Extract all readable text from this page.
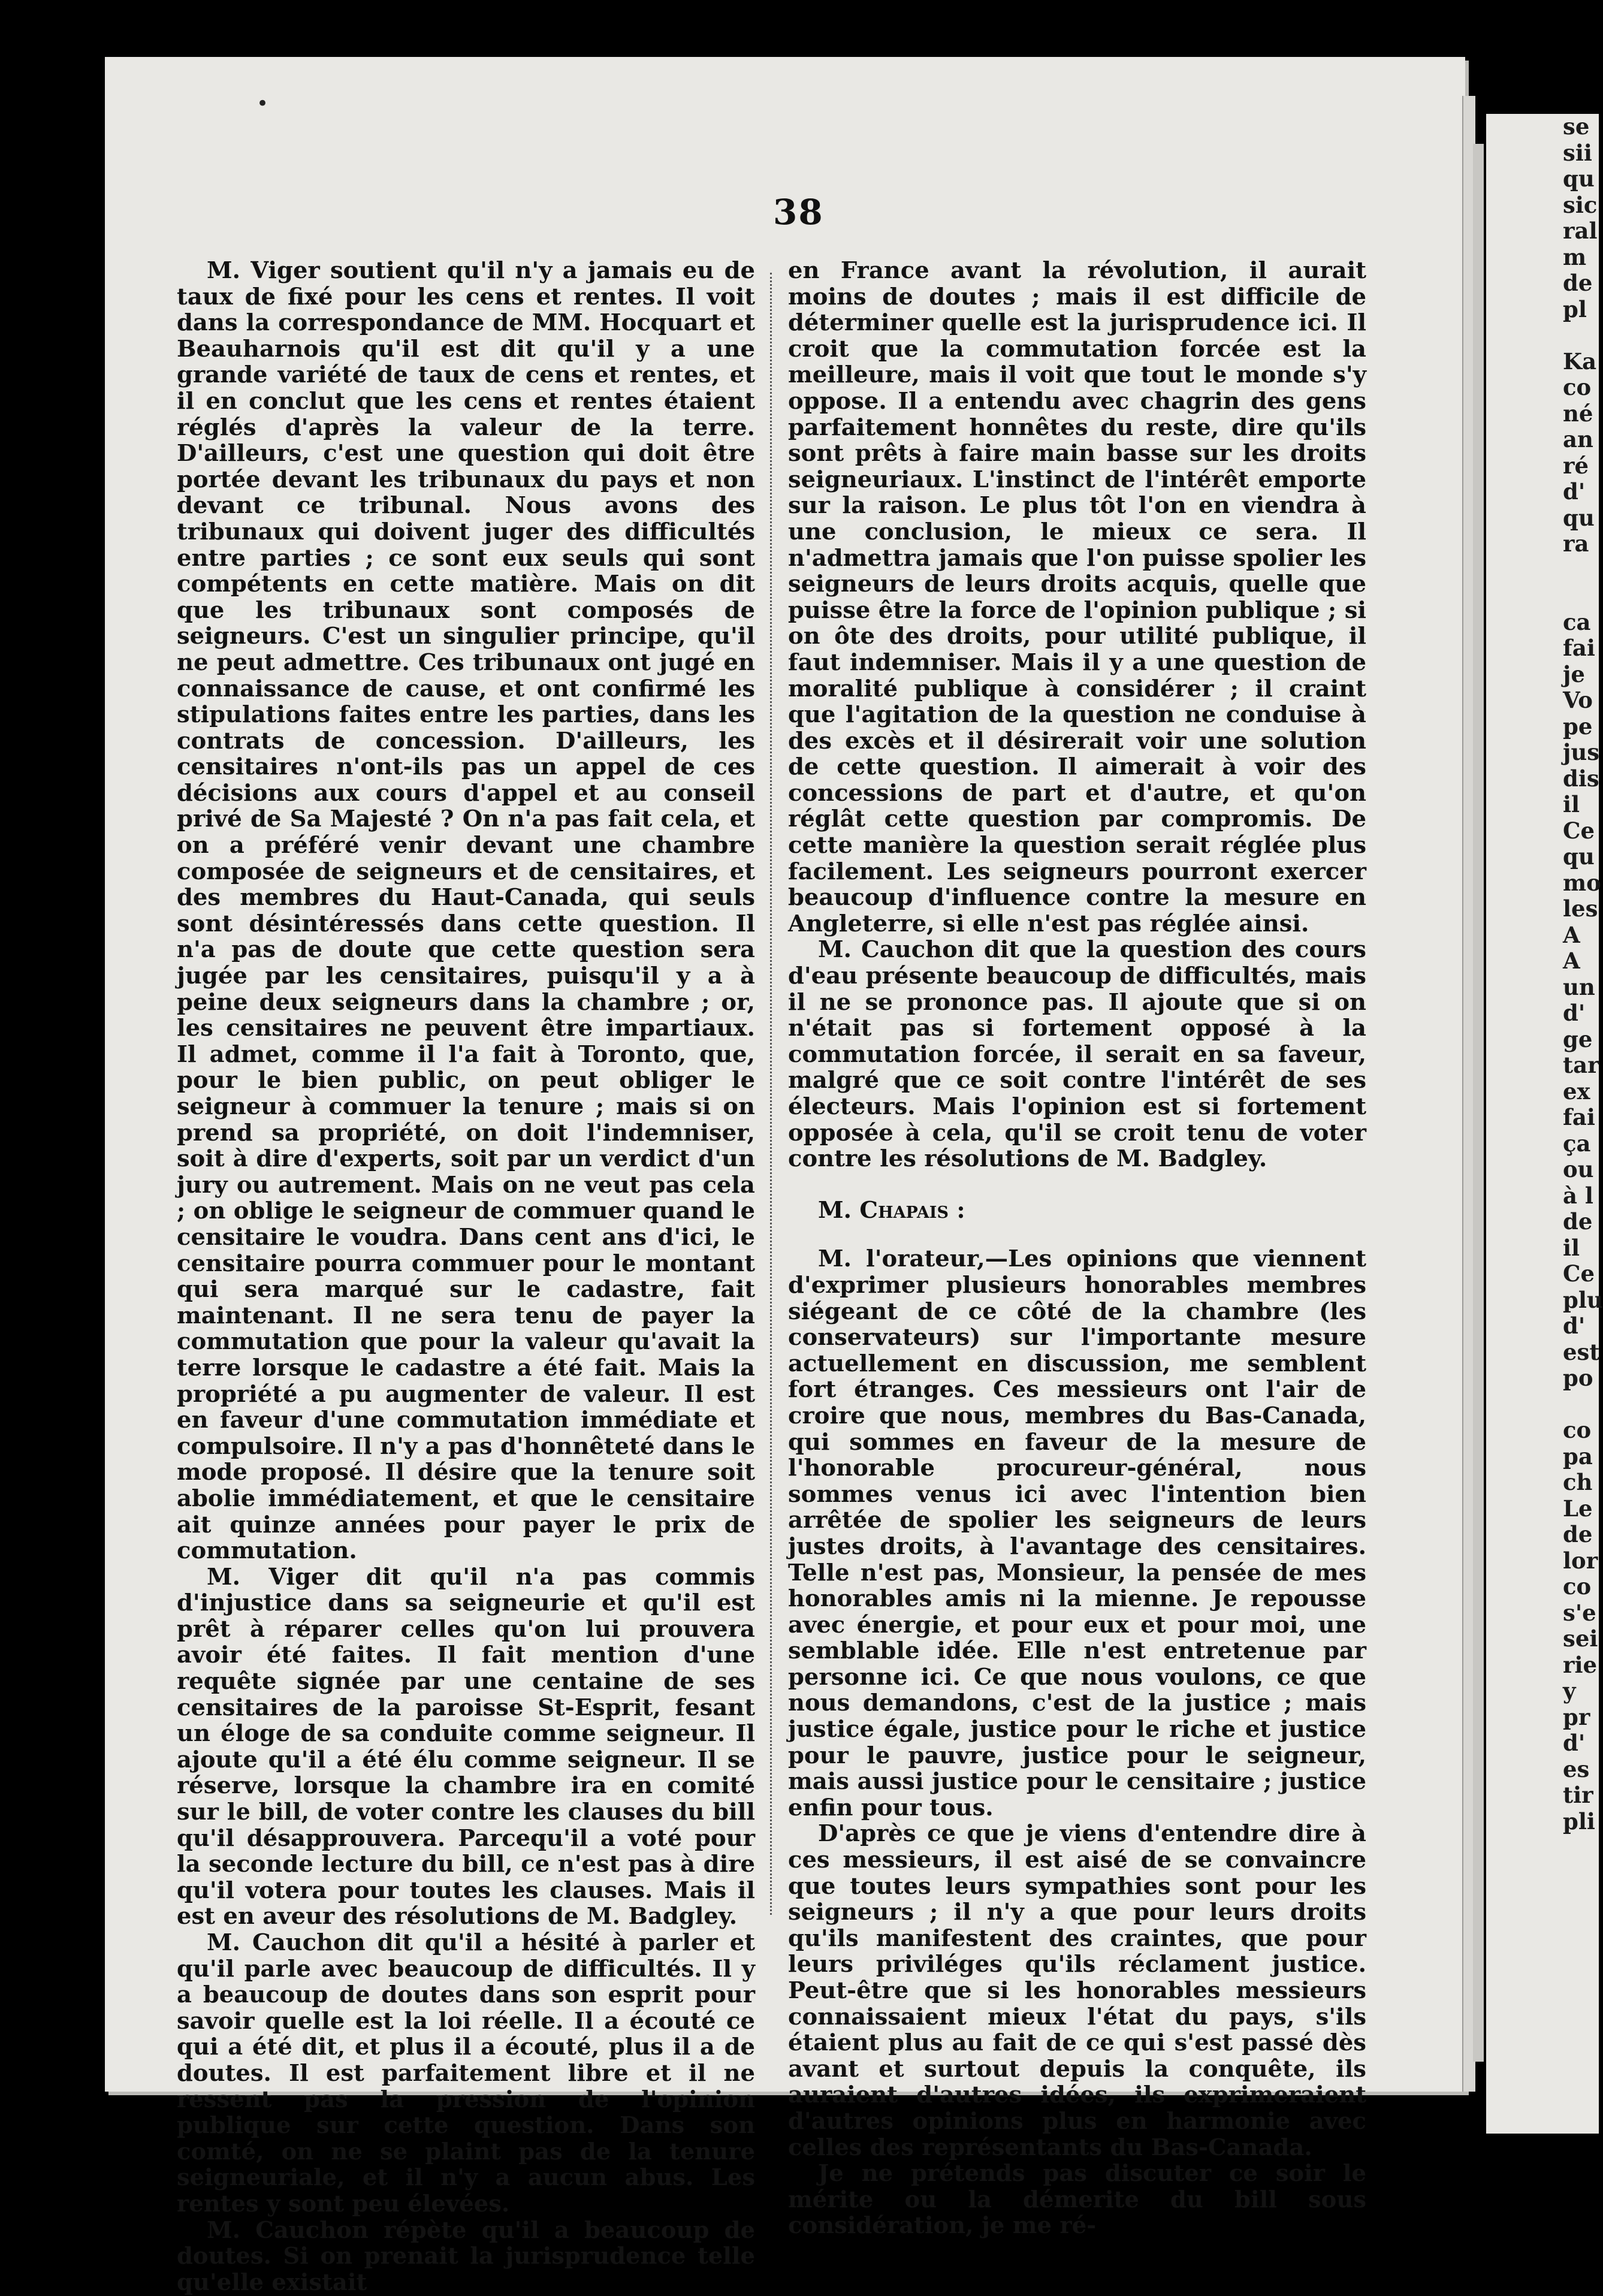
se
sii
qu
sic
ral
m
de
pl

Ka
co
né
an
ré
d'
qu
ra

ca
fai
je
Vo
pe
jus
dis
il
Ce
qu
mo
les
A
A
un
d'
ge
tar
ex
fai
ça
ou
à l
de
il
Ce
plu
d'
est
po

co
pa
ch
Le
de
lor
co
s'e
sei
rie
y
pr
d'
es
tir
pli
•
38

M. Viger soutient qu'il n'y a jamais eu de taux de fixé pour les cens et rentes. Il voit dans la correspondance de MM. Hocquart et Beauharnois qu'il est dit qu'il y a une grande variété de taux de cens et rentes, et il en conclut que les cens et rentes étaient réglés d'après la valeur de la terre. D'ailleurs, c'est une question qui doit être portée devant les tribunaux du pays et non devant ce tribunal. Nous avons des tribunaux qui doivent juger des difficultés entre parties ; ce sont eux seuls qui sont compétents en cette matière. Mais on dit que les tribunaux sont composés de seigneurs. C'est un singulier principe, qu'il ne peut admettre. Ces tribunaux ont jugé en connaissance de cause, et ont confirmé les stipulations faites entre les parties, dans les contrats de concession. D'ailleurs, les censitaires n'ont-ils pas un appel de ces décisions aux cours d'appel et au conseil privé de Sa Majesté ? On n'a pas fait cela, et on a préféré venir devant une chambre composée de seigneurs et de censitaires, et des membres du Haut-Canada, qui seuls sont désintéressés dans cette question. Il n'a pas de doute que cette question sera jugée par les censitaires, puisqu'il y a à peine deux seigneurs dans la chambre ; or, les censitaires ne peuvent être impartiaux. Il admet, comme il l'a fait à Toronto, que, pour le bien public, on peut obliger le seigneur à commuer la tenure ; mais si on prend sa propriété, on doit l'indemniser, soit à dire d'experts, soit par un verdict d'un jury ou autrement. Mais on ne veut pas cela ; on oblige le seigneur de commuer quand le censitaire le voudra. Dans cent ans d'ici, le censitaire pourra commuer pour le montant qui sera marqué sur le cadastre, fait maintenant. Il ne sera tenu de payer la commutation que pour la valeur qu'avait la terre lorsque le cadastre a été fait. Mais la propriété a pu augmenter de valeur. Il est en faveur d'une commutation immédiate et compulsoire. Il n'y a pas d'honnêteté dans le mode proposé. Il désire que la tenure soit abolie immédiatement, et que le censitaire ait quinze années pour payer le prix de commutation.

M. Viger dit qu'il n'a pas commis d'injustice dans sa seigneurie et qu'il est prêt à réparer celles qu'on lui prouvera avoir été faites. Il fait mention d'une requête signée par une centaine de ses censitaires de la paroisse St-Esprit, fesant un éloge de sa conduite comme seigneur. Il ajoute qu'il a été élu comme seigneur. Il se réserve, lorsque la chambre ira en comité sur le bill, de voter contre les clauses du bill qu'il désapprouvera. Parcequ'il a voté pour la seconde lecture du bill, ce n'est pas à dire qu'il votera pour toutes les clauses. Mais il est en aveur des résolutions de M. Badgley.

M. Cauchon dit qu'il a hésité à parler et qu'il parle avec beaucoup de difficultés. Il y a beaucoup de doutes dans son esprit pour savoir quelle est la loi réelle. Il a écouté ce qui a été dit, et plus il a écouté, plus il a de doutes. Il est parfaitement libre et il ne ressent pas la pression de l'opinion publique sur cette question. Dans son comté, on ne se plaint pas de la tenure seigneuriale, et il n'y a aucun abus. Les rentes y sont peu élevées.

M. Cauchon répète qu'il a beaucoup de doutes. Si on prenait la jurisprudence telle qu'elle existait

en France avant la révolution, il aurait moins de doutes ; mais il est difficile de déterminer quelle est la jurisprudence ici. Il croit que la commutation forcée est la meilleure, mais il voit que tout le monde s'y oppose. Il a entendu avec chagrin des gens parfaitement honnêtes du reste, dire qu'ils sont prêts à faire main basse sur les droits seigneuriaux. L'instinct de l'intérêt emporte sur la raison. Le plus tôt l'on en viendra à une conclusion, le mieux ce sera. Il n'admettra jamais que l'on puisse spolier les seigneurs de leurs droits acquis, quelle que puisse être la force de l'opinion publique ; si on ôte des droits, pour utilité publique, il faut indemniser. Mais il y a une question de moralité publique à considérer ; il craint que l'agitation de la question ne conduise à des excès et il désirerait voir une solution de cette question. Il aimerait à voir des concessions de part et d'autre, et qu'on réglât cette question par compromis. De cette manière la question serait réglée plus facilement. Les seigneurs pourront exercer beaucoup d'influence contre la mesure en Angleterre, si elle n'est pas réglée ainsi.

M. Cauchon dit que la question des cours d'eau présente beaucoup de difficultés, mais il ne se prononce pas. Il ajoute que si on n'était pas si fortement opposé à la commutation forcée, il serait en sa faveur, malgré que ce soit contre l'intérêt de ses électeurs. Mais l'opinion est si fortement opposée à cela, qu'il se croit tenu de voter contre les résolutions de M. Badgley.

M. Chapais :

M. l'orateur,—Les opinions que viennent d'exprimer plusieurs honorables membres siégeant de ce côté de la chambre (les conservateurs) sur l'importante mesure actuellement en discussion, me semblent fort étranges. Ces messieurs ont l'air de croire que nous, membres du Bas-Canada, qui sommes en faveur de la mesure de l'honorable procureur-général, nous sommes venus ici avec l'intention bien arrêtée de spolier les seigneurs de leurs justes droits, à l'avantage des censitaires. Telle n'est pas, Monsieur, la pensée de mes honorables amis ni la mienne. Je repousse avec énergie, et pour eux et pour moi, une semblable idée. Elle n'est entretenue par personne ici. Ce que nous voulons, ce que nous demandons, c'est de la justice ; mais justice égale, justice pour le riche et justice pour le pauvre, justice pour le seigneur, mais aussi justice pour le censitaire ; justice enfin pour tous.

D'après ce que je viens d'entendre dire à ces messieurs, il est aisé de se convaincre que toutes leurs sympathies sont pour les seigneurs ; il n'y a que pour leurs droits qu'ils manifestent des craintes, que pour leurs priviléges qu'ils réclament justice. Peut-être que si les honorables messieurs connaissaient mieux l'état du pays, s'ils étaient plus au fait de ce qui s'est passé dès avant et surtout depuis la conquête, ils auraient d'autres idées, ils exprimeraient d'autres opinions plus en harmonie avec celles des représentants du Bas-Canada.

Je ne prétends pas discuter ce soir le mérite ou la démerite du bill sous considération, je me ré-
